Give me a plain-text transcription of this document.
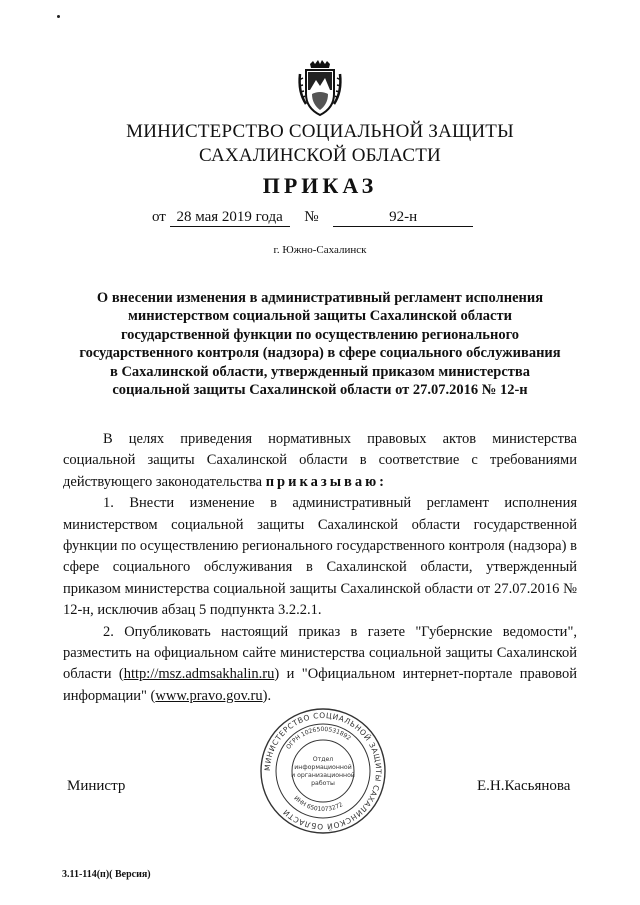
МИНИСТЕРСТВО СОЦИАЛЬНОЙ ЗАЩИТЫ
САХАЛИНСКОЙ ОБЛАСТИ
ПРИКАЗ
от 28 мая 2019 года №	92-н
г. Южно-Сахалинск
О внесении изменения в административный регламент исполнения
министерством социальной защиты Сахалинской области
государственной функции по осуществлению регионального
государственного контроля (надзора) в сфере социального обслуживания
в Сахалинской области, утвержденный приказом министерства
социальной защиты Сахалинской области от 27.07.2016 № 12-н

В целях приведения нормативных правовых актов министерства социальной защиты Сахалинской области в соответствие с требованиями действующего законодательства приказываю:

1. Внести изменение в административный регламент исполнения министерством социальной защиты Сахалинской области государственной функции по осуществлению регионального государственного контроля (надзора) в сфере социального обслуживания в Сахалинской области, утвержденный приказом министерства социальной защиты Сахалинской области от 27.07.2016 № 12-н, исключив абзац 5 подпункта 3.2.2.1.

2. Опубликовать настоящий приказ в газете "Губернские ведомости", разместить на официальном сайте министерства социальной защиты Сахалинской области (http://msz.admsakhalin.ru) и "Официальном интернет-портале правовой информации" (www.pravo.gov.ru).

Министр	Е.Н.Касьянова
МИНИСТЕРСТВО СОЦИАЛЬНОЙ ЗАЩИТЫ САХАЛИНСКОЙ ОБЛАСТИ
ОГРН 1026500531892
ИНН 6501073272
Отдел
информационной
и организационной
работы
3.11-114(п)( Версия)
